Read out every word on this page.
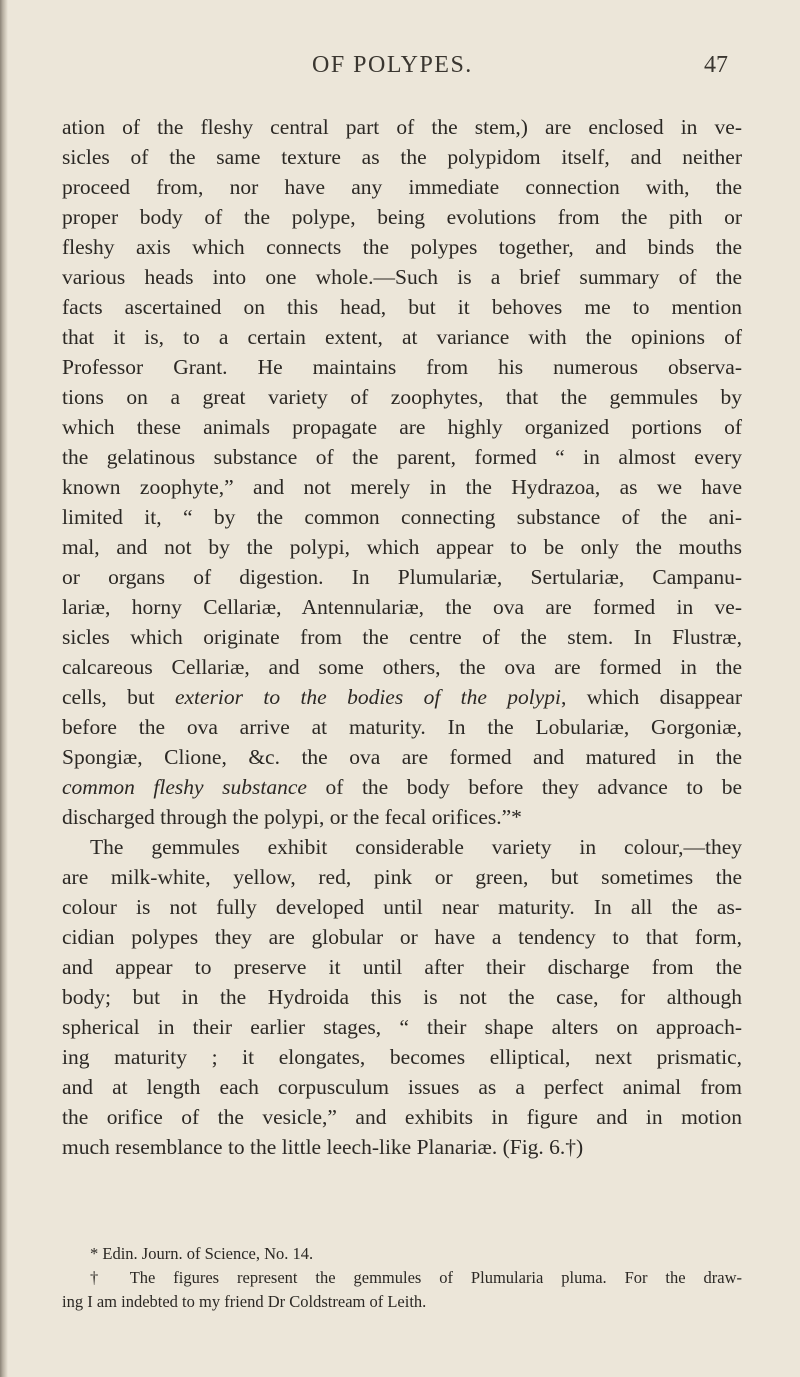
OF POLYPES.	47
ation of the fleshy central part of the stem,) are enclosed in ve-
sicles of the same texture as the polypidom itself, and neither
proceed from, nor have any immediate connection with, the
proper body of the polype, being evolutions from the pith or
fleshy axis which connects the polypes together, and binds the
various heads into one whole.—Such is a brief summary of the
facts ascertained on this head, but it behoves me to mention
that it is, to a certain extent, at variance with the opinions of
Professor Grant. He maintains from his numerous observa-
tions on a great variety of zoophytes, that the gemmules by
which these animals propagate are highly organized portions of
the gelatinous substance of the parent, formed “ in almost every
known zoophyte,” and not merely in the Hydrazoa, as we have
limited it, “ by the common connecting substance of the ani-
mal, and not by the polypi, which appear to be only the mouths
or organs of digestion. In Plumulariæ, Sertulariæ, Campanu-
lariæ, horny Cellariæ, Antennulariæ, the ova are formed in ve-
sicles which originate from the centre of the stem. In Flustræ,
calcareous Cellariæ, and some others, the ova are formed in the
cells, but exterior to the bodies of the polypi, which disappear
before the ova arrive at maturity. In the Lobulariæ, Gorgoniæ,
Spongiæ, Clione, &c. the ova are formed and matured in the
common fleshy substance of the body before they advance to be
discharged through the polypi, or the fecal orifices.”*
The gemmules exhibit considerable variety in colour,—they
are milk-white, yellow, red, pink or green, but sometimes the
colour is not fully developed until near maturity. In all the as-
cidian polypes they are globular or have a tendency to that form,
and appear to preserve it until after their discharge from the
body; but in the Hydroida this is not the case, for although
spherical in their earlier stages, “ their shape alters on approach-
ing maturity ; it elongates, becomes elliptical, next prismatic,
and at length each corpusculum issues as a perfect animal from
the orifice of the vesicle,” and exhibits in figure and in motion
much resemblance to the little leech-like Planariæ. (Fig. 6.†)
* Edin. Journ. of Science, No. 14.
† The figures represent the gemmules of Plumularia pluma. For the draw-
ing I am indebted to my friend Dr Coldstream of Leith.
